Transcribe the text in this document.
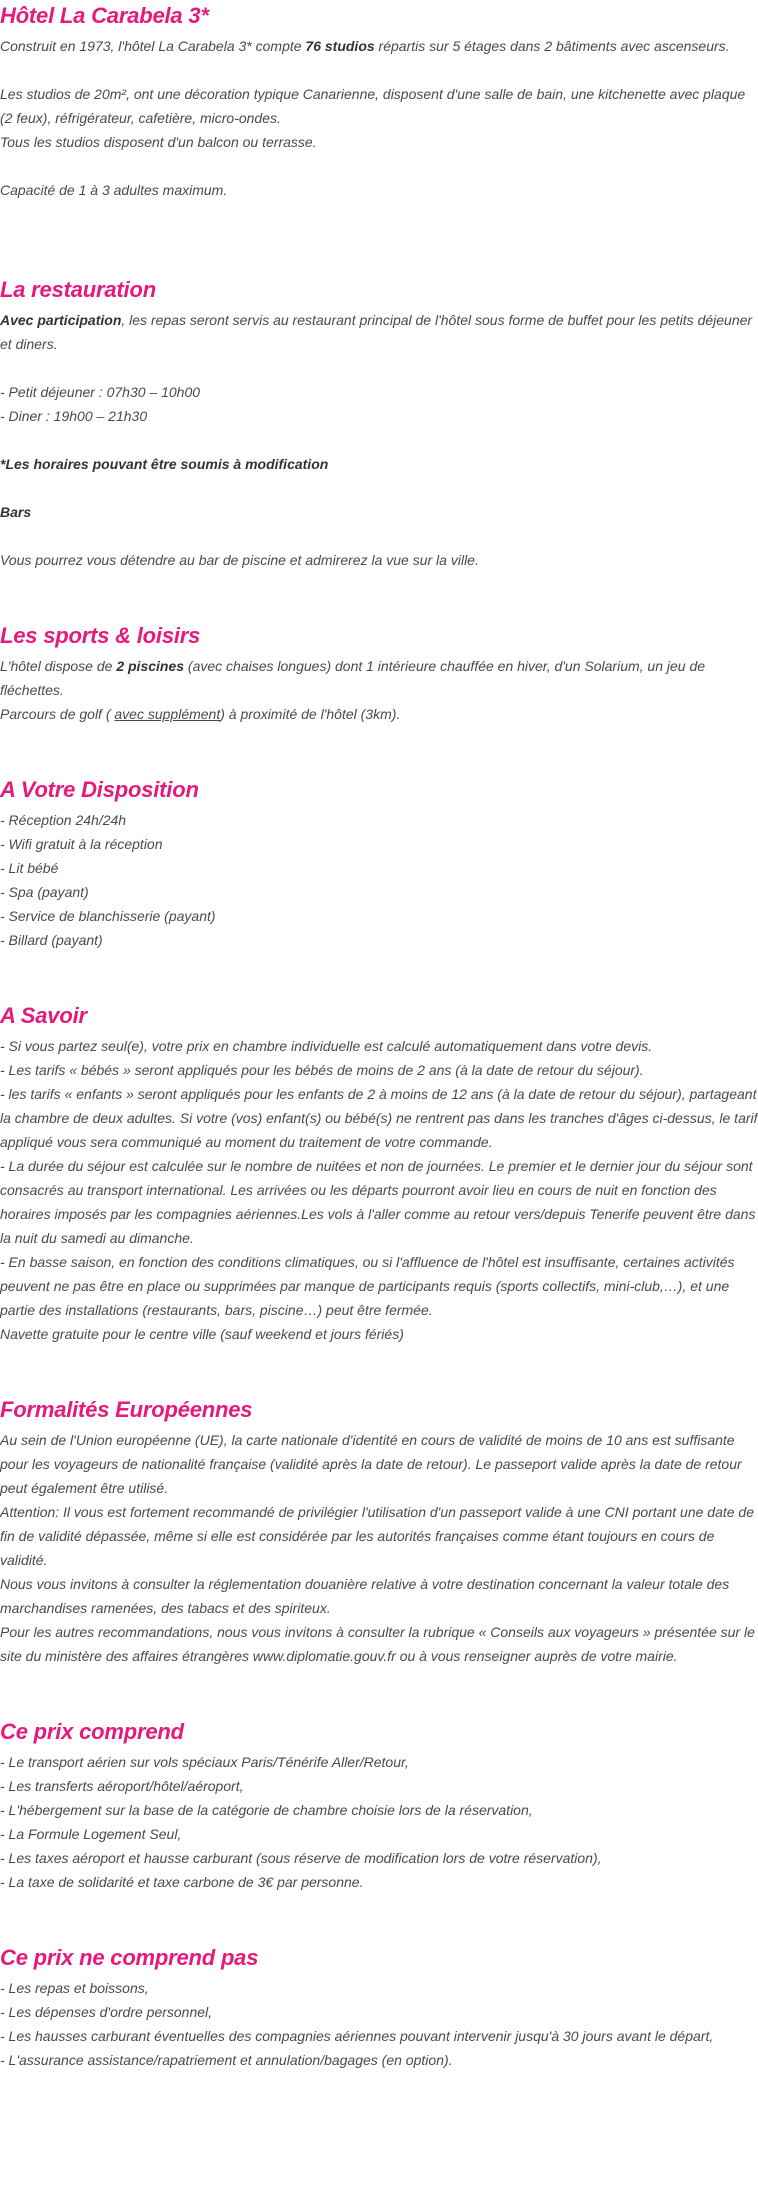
Hôtel La Carabela 3*

Construit en 1973, l'hôtel La Carabela 3* compte 76 studios répartis sur 5 étages dans 2 bâtiments avec ascenseurs.

Les studios de 20m², ont une décoration typique Canarienne, disposent d'une salle de bain, une kitchenette avec plaque (2 feux), réfrigérateur, cafetière, micro-ondes.

Tous les studios disposent d'un balcon ou terrasse.

Capacité de 1 à 3 adultes maximum.

La restauration

Avec participation, les repas seront servis au restaurant principal de l'hôtel sous forme de buffet pour les petits déjeuner et diners.

- Petit déjeuner : 07h30 – 10h00

- Diner : 19h00 – 21h30

*Les horaires pouvant être soumis à modification

Bars

Vous pourrez vous détendre au bar de piscine et admirerez la vue sur la ville.

Les sports & loisirs

L'hôtel dispose de 2 piscines (avec chaises longues) dont 1 intérieure chauffée en hiver, d'un Solarium, un jeu de fléchettes.

Parcours de golf ( avec supplément) à proximité de l'hôtel (3km).

A Votre Disposition

- Réception 24h/24h

- Wifi gratuit à la réception

- Lit bébé

- Spa (payant)

- Service de blanchisserie (payant)

- Billard (payant)

A Savoir

- Si vous partez seul(e), votre prix en chambre individuelle est calculé automatiquement dans votre devis.

- Les tarifs « bébés » seront appliqués pour les bébés de moins de 2 ans (à la date de retour du séjour).

- les tarifs « enfants » seront appliqués pour les enfants de 2 à moins de 12 ans (à la date de retour du séjour), partageant la chambre de deux adultes. Si votre (vos) enfant(s) ou bébé(s) ne rentrent pas dans les tranches d'âges ci-dessus, le tarif appliqué vous sera communiqué au moment du traitement de votre commande.

- La durée du séjour est calculée sur le nombre de nuitées et non de journées. Le premier et le dernier jour du séjour sont consacrés au transport international. Les arrivées ou les départs pourront avoir lieu en cours de nuit en fonction des horaires imposés par les compagnies aériennes.Les vols à l'aller comme au retour vers/depuis Tenerife peuvent être dans la nuit du samedi au dimanche.

- En basse saison, en fonction des conditions climatiques, ou si l'affluence de l'hôtel est insuffisante, certaines activités peuvent ne pas être en place ou supprimées par manque de participants requis (sports collectifs, mini-club,…), et une partie des installations (restaurants, bars, piscine…) peut être fermée.

Navette gratuite pour le centre ville (sauf weekend et jours fériés)

Formalités Européennes

Au sein de l'Union européenne (UE), la carte nationale d'identité en cours de validité de moins de 10 ans est suffisante pour les voyageurs de nationalité française (validité après la date de retour). Le passeport valide après la date de retour peut également être utilisé.

Attention: Il vous est fortement recommandé de privilégier l'utilisation d'un passeport valide à une CNI portant une date de fin de validité dépassée, même si elle est considérée par les autorités françaises comme étant toujours en cours de validité.

Nous vous invitons à consulter la réglementation douanière relative à votre destination concernant la valeur totale des marchandises ramenées, des tabacs et des spiriteux.

Pour les autres recommandations, nous vous invitons à consulter la rubrique « Conseils aux voyageurs » présentée sur le site du ministère des affaires étrangères www.diplomatie.gouv.fr ou à vous renseigner auprès de votre mairie.

Ce prix comprend

- Le transport aérien sur vols spéciaux Paris/Ténérife Aller/Retour,

- Les transferts aéroport/hôtel/aéroport,

- L'hébergement sur la base de la catégorie de chambre choisie lors de la réservation,

- La Formule Logement Seul,

- Les taxes aéroport et hausse carburant (sous réserve de modification lors de votre réservation),

- La taxe de solidarité et taxe carbone de 3€ par personne.

Ce prix ne comprend pas

- Les repas et boissons,

- Les dépenses d'ordre personnel,

- Les hausses carburant éventuelles des compagnies aériennes pouvant intervenir jusqu'à 30 jours avant le départ,

- L'assurance assistance/rapatriement et annulation/bagages (en option).
